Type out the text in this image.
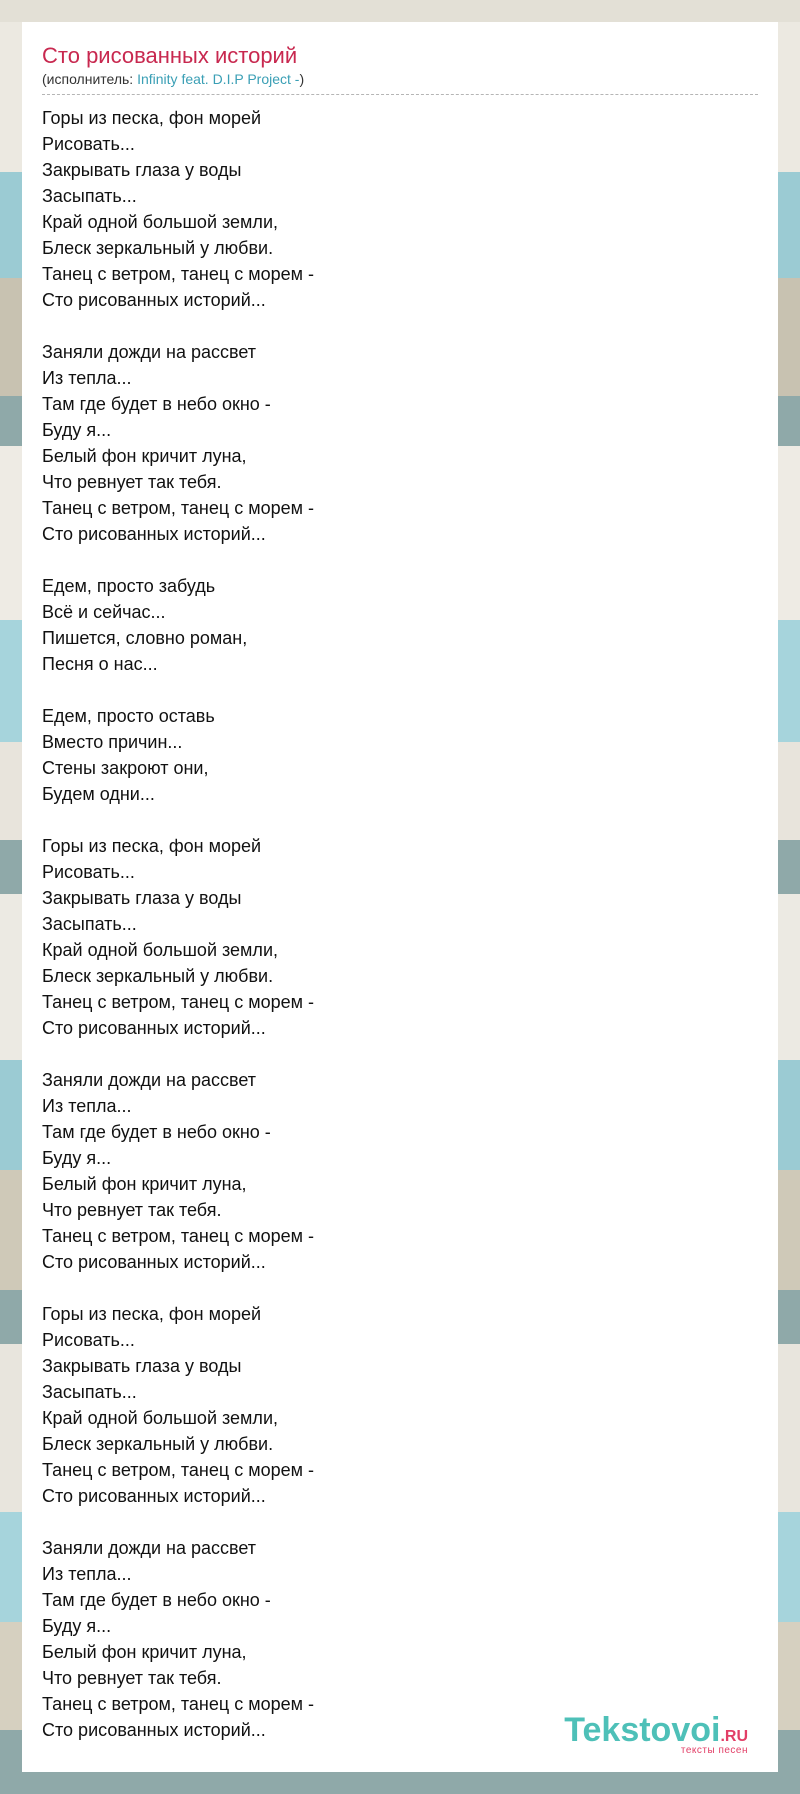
Сто рисованных историй
(исполнитель: Infinity feat. D.I.P Project -)
Горы из песка, фон морей
Рисовать...
Закрывать глаза у воды
Засыпать...
Край одной большой земли,
Блеск зеркальный у любви.
Танец с ветром, танец с морем -
Сто рисованных историй...
Заняли дожди на рассвет
Из тепла...
Там где будет в небо окно -
Буду я...
Белый фон кричит луна,
Что ревнует так тебя.
Танец с ветром, танец с морем -
Сто рисованных историй...
Едем, просто забудь
Всё и сейчас...
Пишется, словно роман,
Песня о нас...
Едем, просто оставь
Вместо причин...
Стены закроют они,
Будем одни...
Горы из песка, фон морей
Рисовать...
Закрывать глаза у воды
Засыпать...
Край одной большой земли,
Блеск зеркальный у любви.
Танец с ветром, танец с морем -
Сто рисованных историй...
Заняли дожди на рассвет
Из тепла...
Там где будет в небо окно -
Буду я...
Белый фон кричит луна,
Что ревнует так тебя.
Танец с ветром, танец с морем -
Сто рисованных историй...
Горы из песка, фон морей
Рисовать...
Закрывать глаза у воды
Засыпать...
Край одной большой земли,
Блеск зеркальный у любви.
Танец с ветром, танец с морем -
Сто рисованных историй...
Заняли дожди на рассвет
Из тепла...
Там где будет в небо окно -
Буду я...
Белый фон кричит луна,
Что ревнует так тебя.
Танец с ветром, танец с морем -
Сто рисованных историй...	Tekstovoi.RU
тексты песен
